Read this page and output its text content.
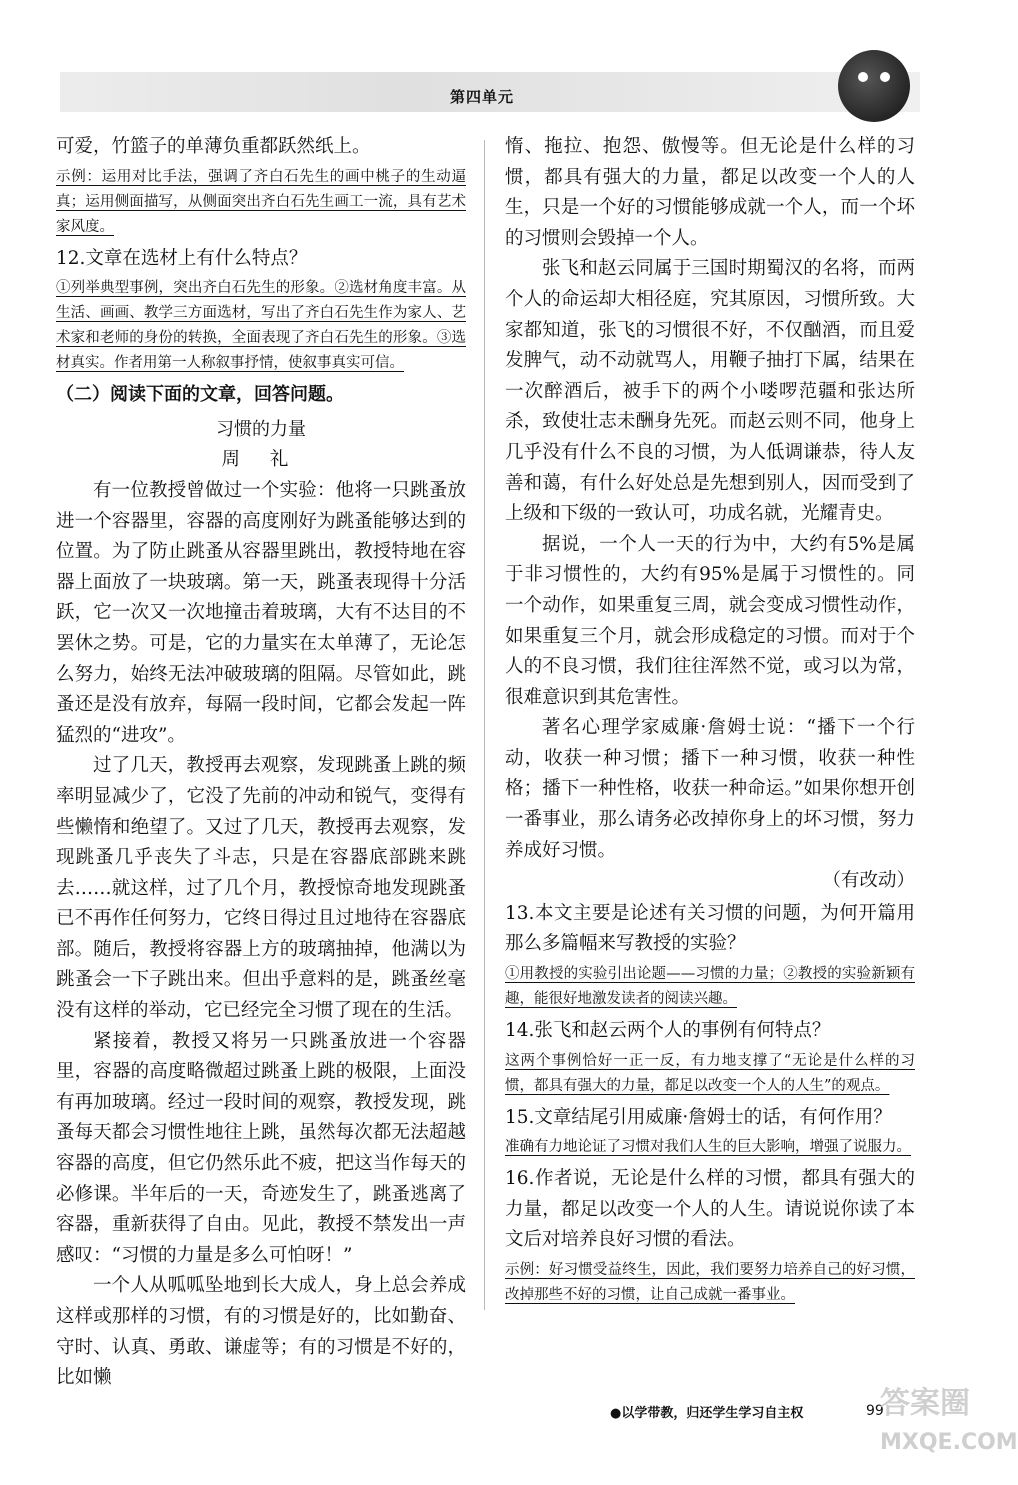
第四单元

可爱，竹篮子的单薄负重都跃然纸上。

示例：运用对比手法，强调了齐白石先生的画中桃子的生动逼真；运用侧面描写，从侧面突出齐白石先生画工一流，具有艺术家风度。

12.文章在选材上有什么特点？

①列举典型事例，突出齐白石先生的形象。②选材角度丰富。从生活、画画、教学三方面选材，写出了齐白石先生作为家人、艺术家和老师的身份的转换，全面表现了齐白石先生的形象。③选材真实。作者用第一人称叙事抒情，使叙事真实可信。

（二）阅读下面的文章，回答问题。

习惯的力量

周 礼

有一位教授曾做过一个实验：他将一只跳蚤放进一个容器里，容器的高度刚好为跳蚤能够达到的位置。为了防止跳蚤从容器里跳出，教授特地在容器上面放了一块玻璃。第一天，跳蚤表现得十分活跃，它一次又一次地撞击着玻璃，大有不达目的不罢休之势。可是，它的力量实在太单薄了，无论怎么努力，始终无法冲破玻璃的阻隔。尽管如此，跳蚤还是没有放弃，每隔一段时间，它都会发起一阵猛烈的“进攻”。

过了几天，教授再去观察，发现跳蚤上跳的频率明显减少了，它没了先前的冲动和锐气，变得有些懒惰和绝望了。又过了几天，教授再去观察，发现跳蚤几乎丧失了斗志，只是在容器底部跳来跳去……就这样，过了几个月，教授惊奇地发现跳蚤已不再作任何努力，它终日得过且过地待在容器底部。随后，教授将容器上方的玻璃抽掉，他满以为跳蚤会一下子跳出来。但出乎意料的是，跳蚤丝毫没有这样的举动，它已经完全习惯了现在的生活。

紧接着，教授又将另一只跳蚤放进一个容器里，容器的高度略微超过跳蚤上跳的极限，上面没有再加玻璃。经过一段时间的观察，教授发现，跳蚤每天都会习惯性地往上跳，虽然每次都无法超越容器的高度，但它仍然乐此不疲，把这当作每天的必修课。半年后的一天，奇迹发生了，跳蚤逃离了容器，重新获得了自由。见此，教授不禁发出一声感叹：“习惯的力量是多么可怕呀！”

一个人从呱呱坠地到长大成人，身上总会养成这样或那样的习惯，有的习惯是好的，比如勤奋、守时、认真、勇敢、谦虚等；有的习惯是不好的，比如懒

惰、拖拉、抱怨、傲慢等。但无论是什么样的习惯，都具有强大的力量，都足以改变一个人的人生，只是一个好的习惯能够成就一个人，而一个坏的习惯则会毁掉一个人。

张飞和赵云同属于三国时期蜀汉的名将，而两个人的命运却大相径庭，究其原因，习惯所致。大家都知道，张飞的习惯很不好，不仅酗酒，而且爱发脾气，动不动就骂人，用鞭子抽打下属，结果在一次醉酒后，被手下的两个小喽啰范疆和张达所杀，致使壮志未酬身先死。而赵云则不同，他身上几乎没有什么不良的习惯，为人低调谦恭，待人友善和蔼，有什么好处总是先想到别人，因而受到了上级和下级的一致认可，功成名就，光耀青史。

据说，一个人一天的行为中，大约有5%是属于非习惯性的，大约有95%是属于习惯性的。同一个动作，如果重复三周，就会变成习惯性动作，如果重复三个月，就会形成稳定的习惯。而对于个人的不良习惯，我们往往浑然不觉，或习以为常，很难意识到其危害性。

著名心理学家威廉·詹姆士说：“播下一个行动，收获一种习惯；播下一种习惯，收获一种性格；播下一种性格，收获一种命运。”如果你想开创一番事业，那么请务必改掉你身上的坏习惯，努力养成好习惯。

（有改动）

13.本文主要是论述有关习惯的问题，为何开篇用那么多篇幅来写教授的实验？

①用教授的实验引出论题——习惯的力量；②教授的实验新颖有趣，能很好地激发读者的阅读兴趣。

14.张飞和赵云两个人的事例有何特点？

这两个事例恰好一正一反，有力地支撑了“无论是什么样的习惯，都具有强大的力量，都足以改变一个人的人生”的观点。

15.文章结尾引用威廉·詹姆士的话，有何作用？

准确有力地论证了习惯对我们人生的巨大影响，增强了说服力。

16.作者说，无论是什么样的习惯，都具有强大的力量，都足以改变一个人的人生。请说说你读了本文后对培养良好习惯的看法。

示例：好习惯受益终生，因此，我们要努力培养自己的好习惯，改掉那些不好的习惯，让自己成就一番事业。

●以学带教，归还学生学习自主权	99
答案圈
MXQE.COM
